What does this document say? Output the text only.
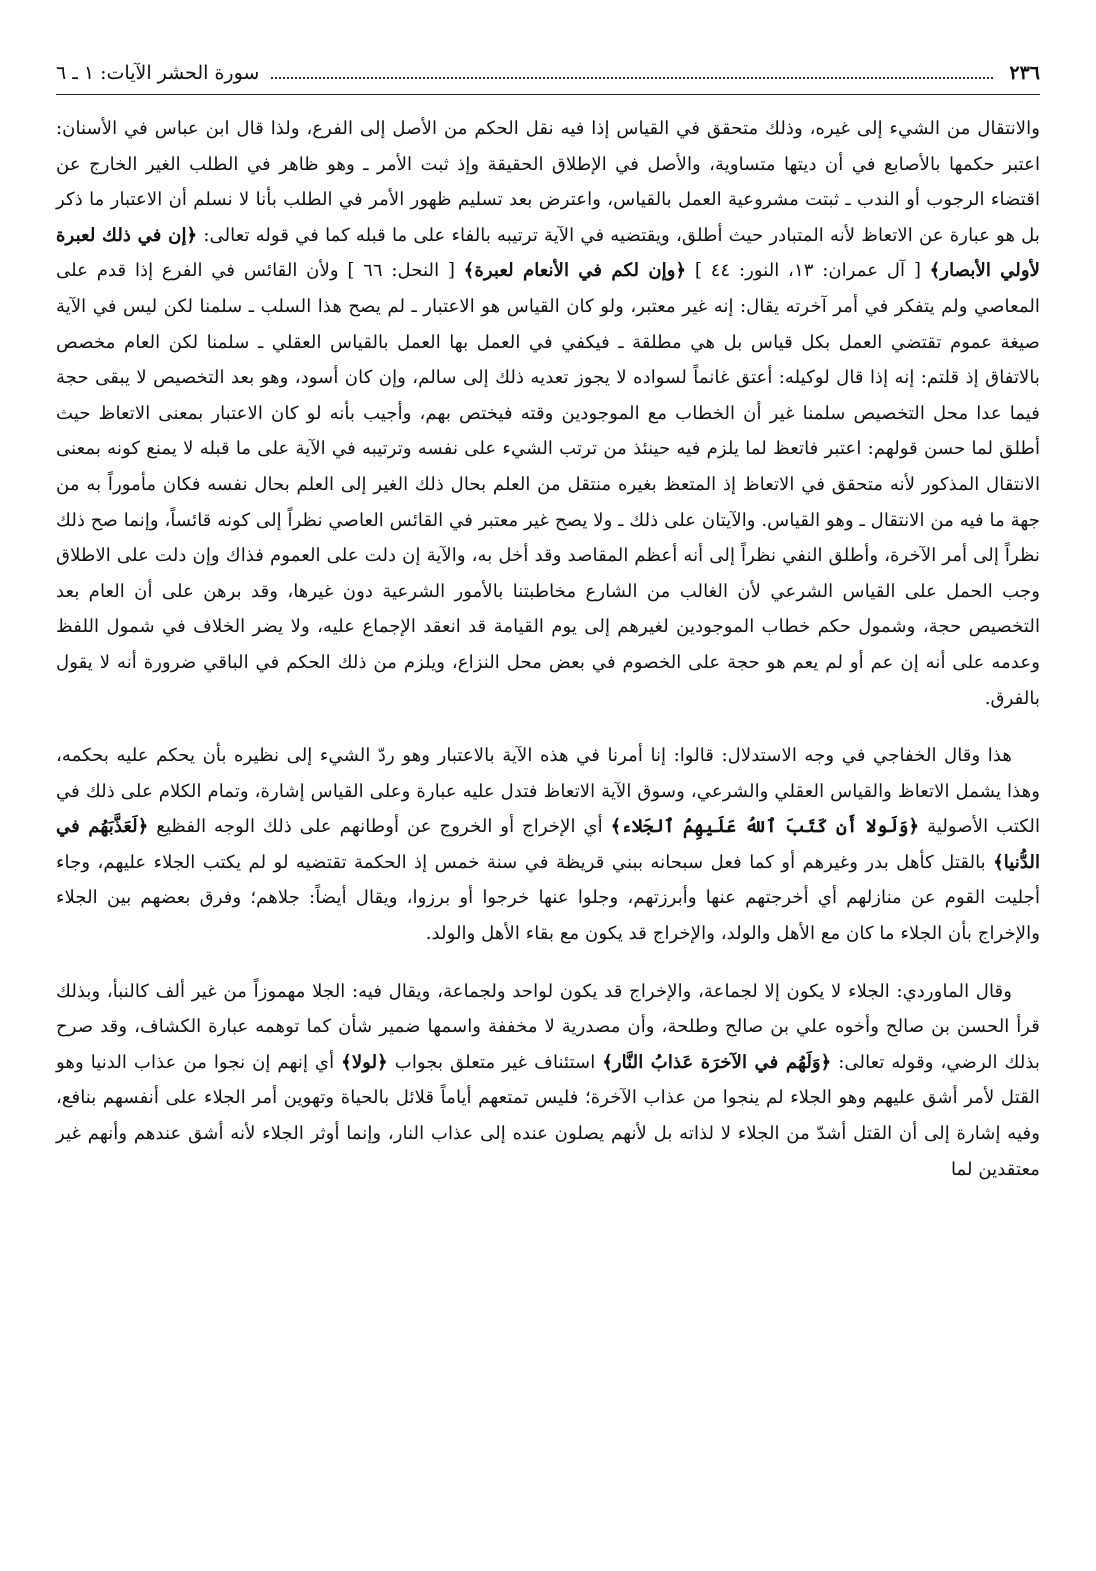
٢٣٦
سورة الحشر الآيات: ١ ـ ٦

والانتقال من الشيء إلى غيره، وذلك متحقق في القياس إذا فيه نقل الحكم من الأصل إلى الفرع، ولذا قال ابن عباس في الأسنان: اعتبر حكمها بالأصابع في أن ديتها متساوية، والأصل في الإطلاق الحقيقة وإذ ثبت الأمر ـ وهو ظاهر في الطلب الغير الخارج عن اقتضاء الرجوب أو الندب ـ ثبتت مشروعية العمل بالقياس، واعترض بعد تسليم ظهور الأمر في الطلب بأنا لا نسلم أن الاعتبار ما ذكر بل هو عبارة عن الاتعاظ لأنه المتبادر حيث أطلق، ويقتضيه في الآية ترتيبه بالفاء على ما قبله كما في قوله تعالى: ﴿إن في ذلك لعبرة لأولي الأبصار﴾ [ آل عمران: ١٣، النور: ٤٤ ] ﴿وإن لكم في الأنعام لعبرة﴾ [ النحل: ٦٦ ] ولأن القائس في الفرع إذا قدم على المعاصي ولم يتفكر في أمر آخرته يقال: إنه غير معتبر، ولو كان القياس هو الاعتبار ـ لم يصح هذا السلب ـ سلمنا لكن ليس في الآية صيغة عموم تقتضي العمل بكل قياس بل هي مطلقة ـ فيكفي في العمل بها العمل بالقياس العقلي ـ سلمنا لكن العام مخصص بالاتفاق إذ قلتم: إنه إذا قال لوكيله: أعتق غانماً لسواده لا يجوز تعديه ذلك إلى سالم، وإن كان أسود، وهو بعد التخصيص لا يبقى حجة فيما عدا محل التخصيص سلمنا غير أن الخطاب مع الموجودين وقته فيختص بهم، وأجيب بأنه لو كان الاعتبار بمعنى الاتعاظ حيث أطلق لما حسن قولهم: اعتبر فاتعظ لما يلزم فيه حينئذ من ترتب الشيء على نفسه وترتيبه في الآية على ما قبله لا يمنع كونه بمعنى الانتقال المذكور لأنه متحقق في الاتعاظ إذ المتعظ بغيره منتقل من العلم بحال ذلك الغير إلى العلم بحال نفسه فكان مأموراً به من جهة ما فيه من الانتقال ـ وهو القياس. والآيتان على ذلك ـ ولا يصح غير معتبر في القائس العاصي نظراً إلى كونه قائساً، وإنما صح ذلك نظراً إلى أمر الآخرة، وأطلق النفي نظراً إلى أنه أعظم المقاصد وقد أخل به، والآية إن دلت على العموم فذاك وإن دلت على الاطلاق وجب الحمل على القياس الشرعي لأن الغالب من الشارع مخاطبتنا بالأمور الشرعية دون غيرها، وقد برهن على أن العام بعد التخصيص حجة، وشمول حكم خطاب الموجودين لغيرهم إلى يوم القيامة قد انعقد الإجماع عليه، ولا يضر الخلاف في شمول اللفظ وعدمه على أنه إن عم أو لم يعم هو حجة على الخصوم في بعض محل النزاع، ويلزم من ذلك الحكم في الباقي ضرورة أنه لا يقول بالفرق.

هذا وقال الخفاجي في وجه الاستدلال: قالوا: إنا أمرنا في هذه الآية بالاعتبار وهو ردّ الشيء إلى نظيره بأن يحكم عليه بحكمه، وهذا يشمل الاتعاظ والقياس العقلي والشرعي، وسوق الآية الاتعاظ فتدل عليه عبارة وعلى القياس إشارة، وتمام الكلام على ذلك في الكتب الأصولية ﴿وَلَولا أَن كَتَبَ ٱللهُ عَلَيهِمُ ٱلجَلاء﴾ أي الإخراج أو الخروج عن أوطانهم على ذلك الوجه الفظيع ﴿لَعَذَّبَهُم في الدُّنيا﴾ بالقتل كأهل بدر وغيرهم أو كما فعل سبحانه ببني قريظة في سنة خمس إذ الحكمة تقتضيه لو لم يكتب الجلاء عليهم، وجاء أجليت القوم عن منازلهم أي أخرجتهم عنها وأبرزتهم، وجلوا عنها خرجوا أو برزوا، ويقال أيضاً: جلاهم؛ وفرق بعضهم بين الجلاء والإخراج بأن الجلاء ما كان مع الأهل والولد، والإخراج قد يكون مع بقاء الأهل والولد.

وقال الماوردي: الجلاء لا يكون إلا لجماعة، والإخراج قد يكون لواحد ولجماعة، ويقال فيه: الجلا مهموزاً من غير ألف كالنبأ، وبذلك قرأ الحسن بن صالح وأخوه علي بن صالح وطلحة، وأن مصدرية لا مخففة واسمها ضمير شأن كما توهمه عبارة الكشاف، وقد صرح بذلك الرضي، وقوله تعالى: ﴿وَلَهُم في الآخرَة عَذابُ النَّار﴾ استئناف غير متعلق بجواب ﴿لولا﴾ أي إنهم إن نجوا من عذاب الدنيا وهو القتل لأمر أشق عليهم وهو الجلاء لم ينجوا من عذاب الآخرة؛ فليس تمتعهم أياماً قلائل بالحياة وتهوين أمر الجلاء على أنفسهم بنافع، وفيه إشارة إلى أن القتل أشدّ من الجلاء لا لذاته بل لأنهم يصلون عنده إلى عذاب النار، وإنما أوثر الجلاء لأنه أشق عندهم وأنهم غير معتقدين لما
